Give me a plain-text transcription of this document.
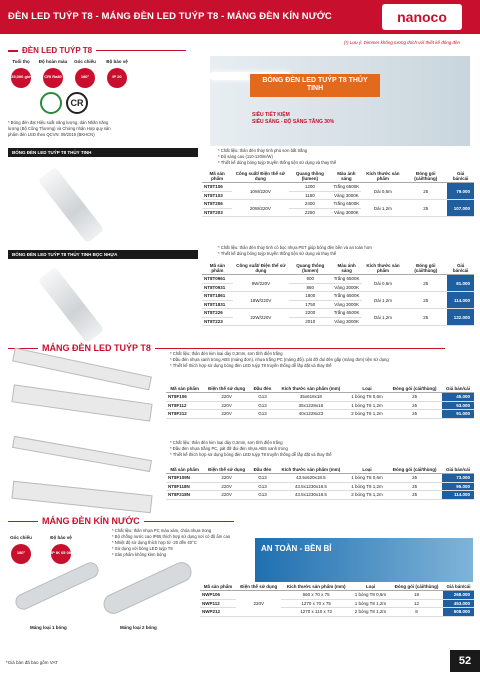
ĐÈN LED TUÝP T8 - MÁNG ĐÈN LED TUÝP T8 - MÁNG ĐÈN KÍN NƯỚC	nanoco
(*) Lưu ý: Dimmer không tương thích với thiết kế đóng đèn
ĐÈN LED TUÝP T8
Tuổi thọ
25,000 giờ
Độ hoàn màu
CRI Ra80
Góc chiếu
180°
Bộ bảo vệ
IP 20
CR
* Bóng đèn đạt Hiệu suất năng lượng, dán Nhãn năng lượng (Bộ Công Thương) và Chứng nhận Hợp quy sản phẩm đèn LED theo QCVN: 09/2019 (BKHCN)
BÓNG ĐÈN LED TUÝP T8 THỦY TINH
SIÊU TIẾT KIỆM
SIÊU SÁNG - ĐỘ SÁNG TĂNG 30%
BÓNG ĐÈN LED TUÝP T8 THỦY TINH	* Chất liệu: thân đèn thủy tinh phủ sơn bắt trắng
* Độ sáng cao (110-120lm/W)
* Thiết kế dùng bóng tuýp truyền thống tiện sử dụng và thay thế
Mã sản phẩm	Công suất/ Điện thế sử dụng	Quang thông (lumen)	Màu ánh sáng	Kích thước sản phẩm	Đóng gói (cái/thùng)	Giá bán/cái
NT8T106	10W/220V	1200	Trắng 6500K	Dài 0,6m	25	79.000
NT8T103		1150	Vàng 3000K			
NT8T206	20W/220V	2400	Trắng 6500K	Dài 1,2m	25	107.000
NT8T203		2250	Vàng 3000K			
BÓNG ĐÈN LED TUÝP T8 THỦY TINH BỌC NHỰA
* Chất liệu: thân đèn thủy tinh có bọc nhựa PET giúp bóng đèn bền và an toàn hơn
* Thiết kế dùng bóng tuýp truyền thống tiện sử dụng và thay thế
Mã sản phẩm	Công suất/ Điện thế sử dụng	Quang thông (lumen)	Màu ánh sáng	Kích thước sản phẩm	Đóng gói (cái/thùng)	Giá bán/cái
NT8T0961	9W/220V	900	Trắng 6500K	Dài 0,6m	25	81.000
NT8T0931		860	Vàng 3000K			
NT8T1861	18W/220V	1800	Trắng 6500K	Dài 1,2m	25	114.000
NT8T1831		1750	Vàng 3000K			
NT8T226	22W/220V	2200	Trắng 6500K	Dài 1,2m	25	132.000
NT8T223		2010	Vàng 3000K			
MÁNG ĐÈN LED TUÝP T8
* Chất liệu: thân đèn kim loại dày 0,3mm, sơn tĩnh điện trắng
* Đầu đèn nhựa xanh trong ABS (máng đơn), nhựa trắng PC (máng đôi), pát đỡ đui đèn gắp (máng đơn) tiện sử dụng
* Thiết kế thích hợp sử dụng bóng đèn LED tuýp T8 truyền thống dễ lắp đặt và thay thế
Mã sản phẩm	Điện thế sử dụng	Đầu đèn	Kích thước sản phẩm (mm)	Loại	Đóng gói (cái/thùng)	Giá bán/cái
NT8F106	220V	G13	35x618x18	1 bóng T8 0,6m	25	45.000
NT8F112	220V	G13	35x1228x18	1 bóng T8 1,2m	25	53.000
NT8F212	220V	G13	40x1228x23	2 bóng T8 1,2m	25	91.000
* Chất liệu: thân đèn kim loại dày 0,3mm, sơn tĩnh điện trắng
* Đầu đèn nhựa trắng PC, pát đỡ đui đèn nhựa ABS xanh trong
* Thiết kế thích hợp sử dụng bóng đèn LED tuýp T8 truyền thống dễ lắp đặt và thay thế
Mã sản phẩm	Điện thế sử dụng	Đầu đèn	Kích thước sản phẩm (mm)	Loại	Đóng gói (cái/thùng)	Giá bán/cái
NT8F109N	220V	G13	43.5x620x18.5	1 bóng T8 0,6m	25	73.000
NT8F118N	220V	G13	43.5x1230x18.5	1 bóng T8 1,2m	25	95.000
NT8F218N	220V	G13	43.5x1230x18.5	2 bóng T8 1,2m	25	114.000
MÁNG ĐÈN KÍN NƯỚC
Góc chiếu
180°
Độ bảo vệ
IP IK 65 08
* Chất liệu: thân nhựa PC màu xám, chóa nhựa trong
* Bộ chống nước cao IP65 thích hợp sử dụng nơi có độ ẩm cao
* Nhiệt độ sử dụng thích hợp từ -20 đến 40°C
* Sử dụng với bóng LED tuýp T8
* Sản phẩm không kèm bóng
AN TOÀN - BỀN BỈ
Máng loại 1 bóng	Máng loại 2 bóng
Mã sản phẩm	Điện thế sử dụng	Kích thước sản phẩm (mm)	Loại	Đóng gói (cái/thùng)	Giá bán/cái
NWP106	220V	660 x 70 x 75	1 bóng T8 0,6m	18	268.000
NWP112		1270 x 70 x 75	1 bóng T8 1,2m	12	453.000
NWP212		1270 x 110 x 72	2 bóng T8 1,2m	8	608.000
*Giá bán đã bao gồm VAT	52
